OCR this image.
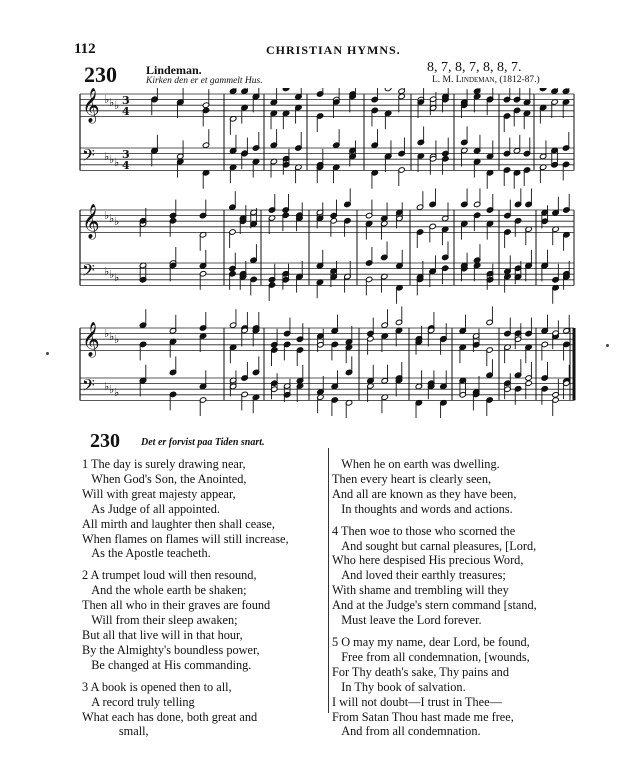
112	CHRISTIAN HYMNS.
230 Lindeman.
Kirken den er et gammelt Hus.
8, 7, 8, 7, 8, 8, 7.
L. M. Lindeman, (1812-87.)
𝄞 ♭ ♭ ♭ 3
4
𝄢 ♭ ♭ ♭
3
4
𝄞 ♭ ♭ ♭
𝄢 ♭ ♭ ♭
𝄞 ♭ ♭ ♭
𝄢 ♭ ♭ ♭
230 Det er forvist paa Tiden snart.
1 The day is surely drawing near,
When God's Son, the Anointed,
Will with great majesty appear,
As Judge of all appointed.
All mirth and laughter then shall cease,
When flames on flames will still increase,
As the Apostle teacheth.
2 A trumpet loud will then resound,
And the whole earth be shaken;
Then all who in their graves are found
Will from their sleep awaken;
But all that live will in that hour,
By the Almighty's boundless power,
Be changed at His commanding.
3 A book is opened then to all,
A record truly telling
What each has done, both great and
small,
When he on earth was dwelling.
Then every heart is clearly seen,
And all are known as they have been,
In thoughts and words and actions.
4 Then woe to those who scorned the
And sought but carnal pleasures, [Lord,
Who here despised His precious Word,
And loved their earthly treasures;
With shame and trembling will they
And at the Judge's stern command [stand,
Must leave the Lord forever.
5 O may my name, dear Lord, be found,
Free from all condemnation, [wounds,
For Thy death's sake, Thy pains and
In Thy book of salvation.
I will not doubt—I trust in Thee—
From Satan Thou hast made me free,
And from all condemnation.
